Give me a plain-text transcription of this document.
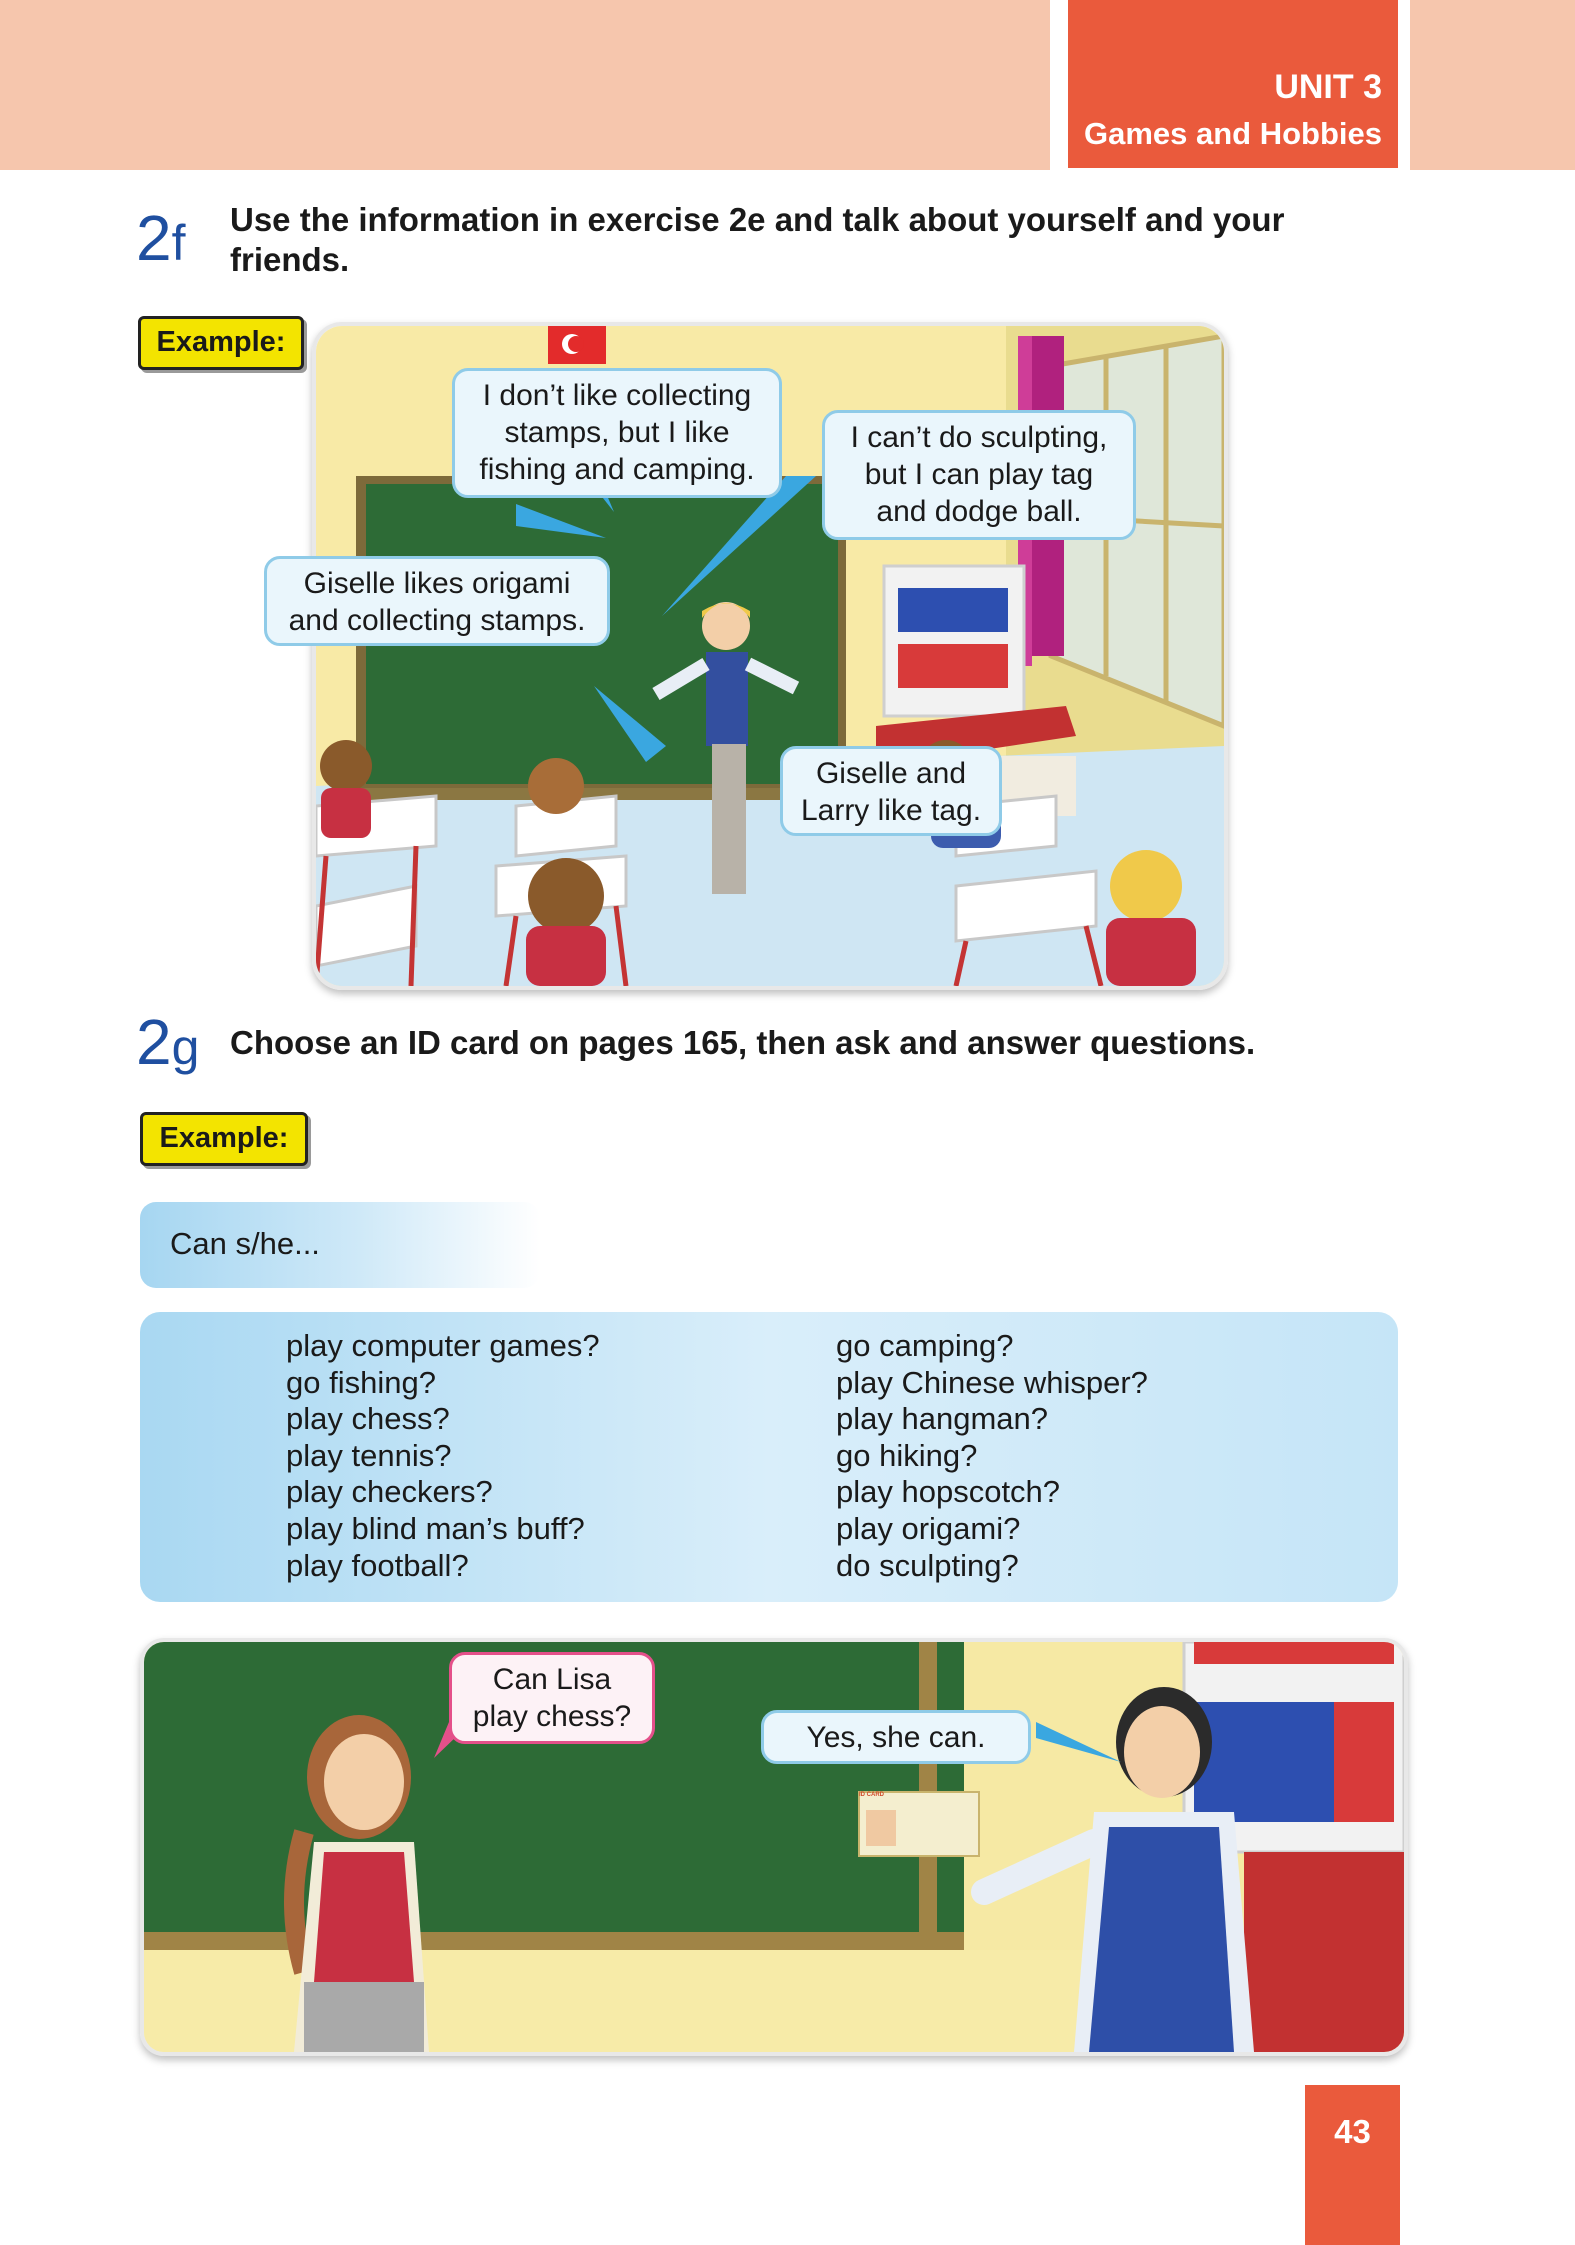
UNIT 3
Games and Hobbies
2f Use the information in exercise 2e and talk about yourself and your friends.
Example:
I don’t like collecting
stamps, but I like
fishing and camping.
I can’t do sculpting,
but I can play tag
and dodge ball.
Giselle likes origami
and collecting stamps.
Giselle and
Larry like tag.
2g Choose an ID card on pages 165, then ask and answer questions.
Example:
Can s/he...
play computer games?
go fishing?
play chess?
play tennis?
play checkers?
play blind man’s buff?
play football?
go camping?
play Chinese whisper?
play hangman?
go hiking?
play hopscotch?
play origami?
do sculpting?
ID CARD
Can Lisa
play chess?
Yes, she can.
43
